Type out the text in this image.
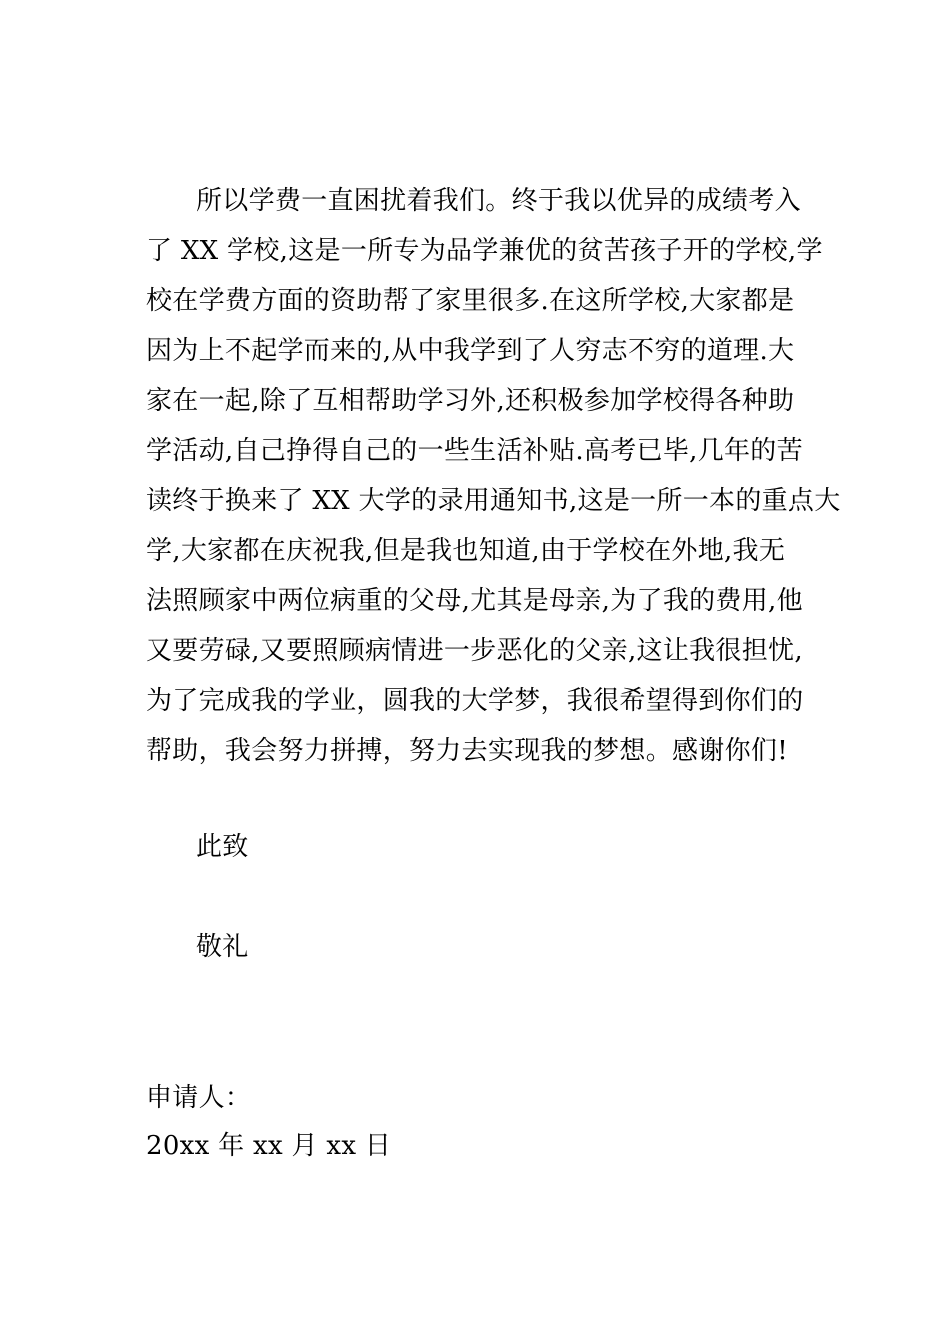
所以学费一直困扰着我们。终于我以优异的成绩考入
了 XX 学校,这是一所专为品学兼优的贫苦孩子开的学校,学
校在学费方面的资助帮了家里很多.在这所学校,大家都是
因为上不起学而来的,从中我学到了人穷志不穷的道理.大
家在一起,除了互相帮助学习外,还积极参加学校得各种助
学活动,自己挣得自己的一些生活补贴.高考已毕,几年的苦
读终于换来了 XX 大学的录用通知书,这是一所一本的重点大
学,大家都在庆祝我,但是我也知道,由于学校在外地,我无
法照顾家中两位病重的父母,尤其是母亲,为了我的费用,他
又要劳碌,又要照顾病情进一步恶化的父亲,这让我很担忧,
为了完成我的学业，圆我的大学梦，我很希望得到你们的
帮助，我会努力拼搏，努力去实现我的梦想。感谢你们!
此致
敬礼
申请人：
20xx 年 xx 月 xx 日
